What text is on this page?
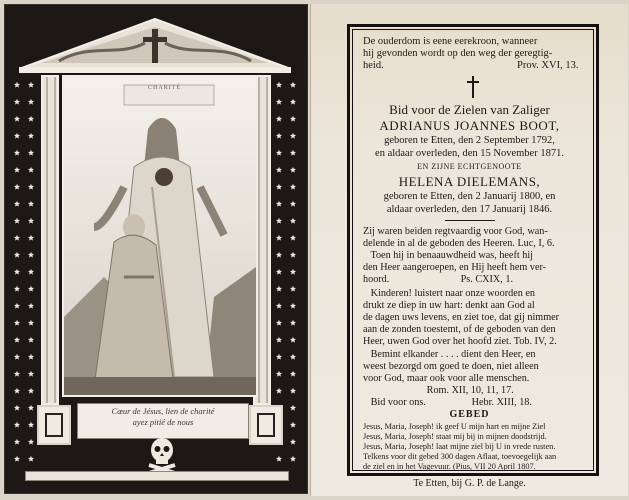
CHARITÉ
Cœur de Jésus, lien de charité
ayez pitié de nous
De ouderdom is eene eerekroon, wanneer
hij gevonden wordt op den weg der geregtig-
heid.	Prov. XVI, 13.
Bid voor de Zielen van Zaliger
ADRIANUS JOANNES BOOT,
geboren te Etten, den 2 September 1792,
en aldaar overleden, den 15 November 1871.
EN ZIJNE ECHTGENOOTE
HELENA DIELEMANS,
geboren te Etten, den 2 Januarij 1800, en
aldaar overleden, den 17 Januarij 1846.
Zij waren beiden regtvaardig voor God, wan-
delende in al de geboden des Heeren. Luc, I, 6.
Toen hij in benaauwdheid was, heeft hij
den Heer aangeroepen, en Hij heeft hem ver-
hoord.                            Ps. CXIX, 1.
Kinderen! luistert naar onze woorden en
drukt ze diep in uw hart: denkt aan God al
de dagen uws levens, en ziet toe, dat gij nimmer
aan de zonden toestemt, of de geboden van den
Heer, uwen God over het hoofd ziet. Tob. IV, 2.
Bemint elkander . . . . dient den Heer, en
weest bezorgd om goed te doen, niet alleen
voor God, maar ook voor alle menschen.
Rom. XII, 10, 11, 17.
Bid voor ons.                  Hebr. XIII, 18.
GEBED
Jesus, Maria, Joseph! ik geef U mijn hart en mijne Ziel
Jesus, Maria, Joseph! staat mij bij in mijnen doodstrijd.
Jesus, Maria, Joseph! laat mijne ziel bij U in vrede rusten.
Telkens voor dit gebed 300 dagen Aflaat, toevoegelijk aan
de ziel en in het Vagevuur. (Pius, VII 20 April 1807.
Te Etten, bij G. P. de Lange.
